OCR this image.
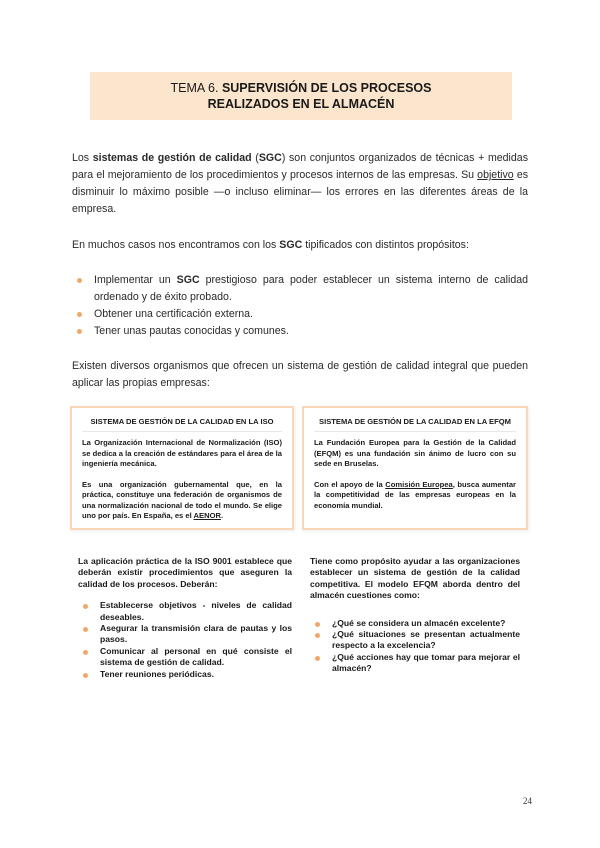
TEMA 6. SUPERVISIÓN DE LOS PROCESOS
REALIZADOS EN EL ALMACÉN

Los sistemas de gestión de calidad (SGC) son conjuntos organizados de técnicas + medidas para el mejoramiento de los procedimientos y procesos internos de las empresas. Su objetivo es disminuir lo máximo posible —o incluso eliminar— los errores en las diferentes áreas de la empresa.

En muchos casos nos encontramos con los SGC tipificados con distintos propósitos:

Implementar un SGC prestigioso para poder establecer un sistema interno de calidad ordenado y de éxito probado.
Obtener una certificación externa.
Tener unas pautas conocidas y comunes.

Existen diversos organismos que ofrecen un sistema de gestión de calidad integral que pueden aplicar las propias empresas:

SISTEMA DE GESTIÓN DE LA CALIDAD EN LA ISO

La Organización Internacional de Normalización (ISO) se dedica a la creación de estándares para el área de la ingeniería mecánica.

Es una organización gubernamental que, en la práctica, constituye una federación de organismos de una normalización nacional de todo el mundo. Se elige uno por país. En España, es el AENOR.

SISTEMA DE GESTIÓN DE LA CALIDAD EN LA EFQM

La Fundación Europea para la Gestión de la Calidad (EFQM) es una fundación sin ánimo de lucro con su sede en Bruselas.

Con el apoyo de la Comisión Europea, busca aumentar la competitividad de las empresas europeas en la economía mundial.

La aplicación práctica de la ISO 9001 establece que deberán existir procedimientos que aseguren la calidad de los procesos. Deberán:

Establecerse objetivos - niveles de calidad deseables.
Asegurar la transmisión clara de pautas y los pasos.
Comunicar al personal en qué consiste el sistema de gestión de calidad.
Tener reuniones periódicas.

Tiene como propósito ayudar a las organizaciones establecer un sistema de gestión de la calidad competitiva. El modelo EFQM aborda dentro del almacén cuestiones como:

¿Qué se considera un almacén excelente?
¿Qué situaciones se presentan actualmente respecto a la excelencia?
¿Qué acciones hay que tomar para mejorar el almacén?
24
